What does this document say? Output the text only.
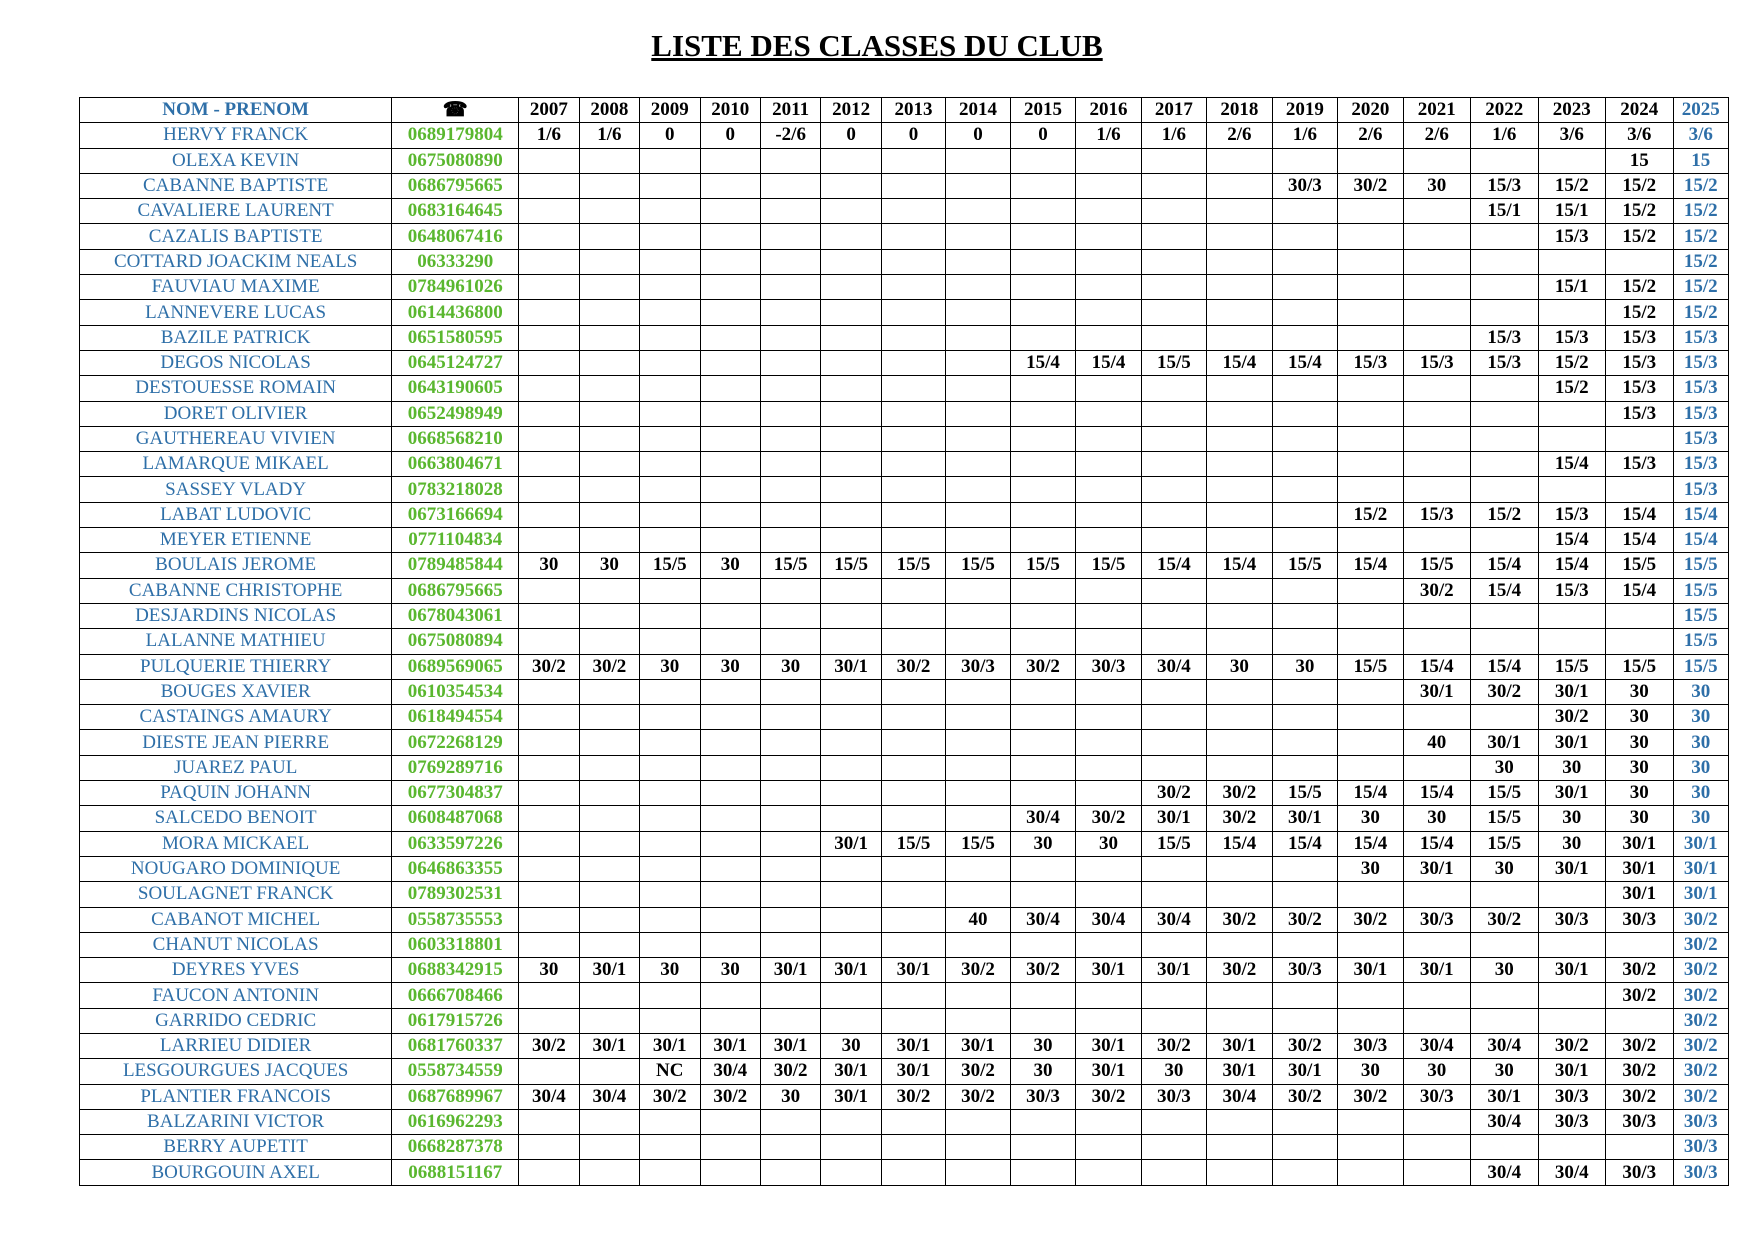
LISTE DES CLASSES DU CLUB
NOM - PRENOM	☎	2007	2008	2009	2010	2011	2012	2013	2014	2015	2016	2017	2018	2019	2020	2021	2022	2023	2024	2025
HERVY FRANCK	0689179804	1/6	1/6	0	0	-2/6	0	0	0	0	1/6	1/6	2/6	1/6	2/6	2/6	1/6	3/6	3/6	3/6
OLEXA KEVIN	0675080890																		15	15
CABANNE BAPTISTE	0686795665													30/3	30/2	30	15/3	15/2	15/2	15/2
CAVALIERE LAURENT	0683164645																15/1	15/1	15/2	15/2
CAZALIS BAPTISTE	0648067416																	15/3	15/2	15/2
COTTARD JOACKIM NEALS	06333290																			15/2
FAUVIAU MAXIME	0784961026																	15/1	15/2	15/2
LANNEVERE LUCAS	0614436800																		15/2	15/2
BAZILE PATRICK	0651580595																15/3	15/3	15/3	15/3
DEGOS NICOLAS	0645124727									15/4	15/4	15/5	15/4	15/4	15/3	15/3	15/3	15/2	15/3	15/3
DESTOUESSE ROMAIN	0643190605																	15/2	15/3	15/3
DORET OLIVIER	0652498949																		15/3	15/3
GAUTHEREAU VIVIEN	0668568210																			15/3
LAMARQUE MIKAEL	0663804671																	15/4	15/3	15/3
SASSEY VLADY	0783218028																			15/3
LABAT LUDOVIC	0673166694														15/2	15/3	15/2	15/3	15/4	15/4
MEYER ETIENNE	0771104834																	15/4	15/4	15/4
BOULAIS JEROME	0789485844	30	30	15/5	30	15/5	15/5	15/5	15/5	15/5	15/5	15/4	15/4	15/5	15/4	15/5	15/4	15/4	15/5	15/5
CABANNE CHRISTOPHE	0686795665															30/2	15/4	15/3	15/4	15/5
DESJARDINS NICOLAS	0678043061																			15/5
LALANNE MATHIEU	0675080894																			15/5
PULQUERIE THIERRY	0689569065	30/2	30/2	30	30	30	30/1	30/2	30/3	30/2	30/3	30/4	30	30	15/5	15/4	15/4	15/5	15/5	15/5
BOUGES XAVIER	0610354534															30/1	30/2	30/1	30	30
CASTAINGS AMAURY	0618494554																	30/2	30	30
DIESTE JEAN PIERRE	0672268129															40	30/1	30/1	30	30
JUAREZ PAUL	0769289716																30	30	30	30
PAQUIN JOHANN	0677304837											30/2	30/2	15/5	15/4	15/4	15/5	30/1	30	30
SALCEDO BENOIT	0608487068									30/4	30/2	30/1	30/2	30/1	30	30	15/5	30	30	30
MORA MICKAEL	0633597226						30/1	15/5	15/5	30	30	15/5	15/4	15/4	15/4	15/4	15/5	30	30/1	30/1
NOUGARO DOMINIQUE	0646863355														30	30/1	30	30/1	30/1	30/1
SOULAGNET FRANCK	0789302531																		30/1	30/1
CABANOT MICHEL	0558735553								40	30/4	30/4	30/4	30/2	30/2	30/2	30/3	30/2	30/3	30/3	30/2
CHANUT NICOLAS	0603318801																			30/2
DEYRES YVES	0688342915	30	30/1	30	30	30/1	30/1	30/1	30/2	30/2	30/1	30/1	30/2	30/3	30/1	30/1	30	30/1	30/2	30/2
FAUCON ANTONIN	0666708466																		30/2	30/2
GARRIDO CEDRIC	0617915726																			30/2
LARRIEU DIDIER	0681760337	30/2	30/1	30/1	30/1	30/1	30	30/1	30/1	30	30/1	30/2	30/1	30/2	30/3	30/4	30/4	30/2	30/2	30/2
LESGOURGUES JACQUES	0558734559			NC	30/4	30/2	30/1	30/1	30/2	30	30/1	30	30/1	30/1	30	30	30	30/1	30/2	30/2
PLANTIER FRANCOIS	0687689967	30/4	30/4	30/2	30/2	30	30/1	30/2	30/2	30/3	30/2	30/3	30/4	30/2	30/2	30/3	30/1	30/3	30/2	30/2
BALZARINI VICTOR	0616962293																30/4	30/3	30/3	30/3
BERRY AUPETIT	0668287378																			30/3
BOURGOUIN AXEL	0688151167																30/4	30/4	30/3	30/3
